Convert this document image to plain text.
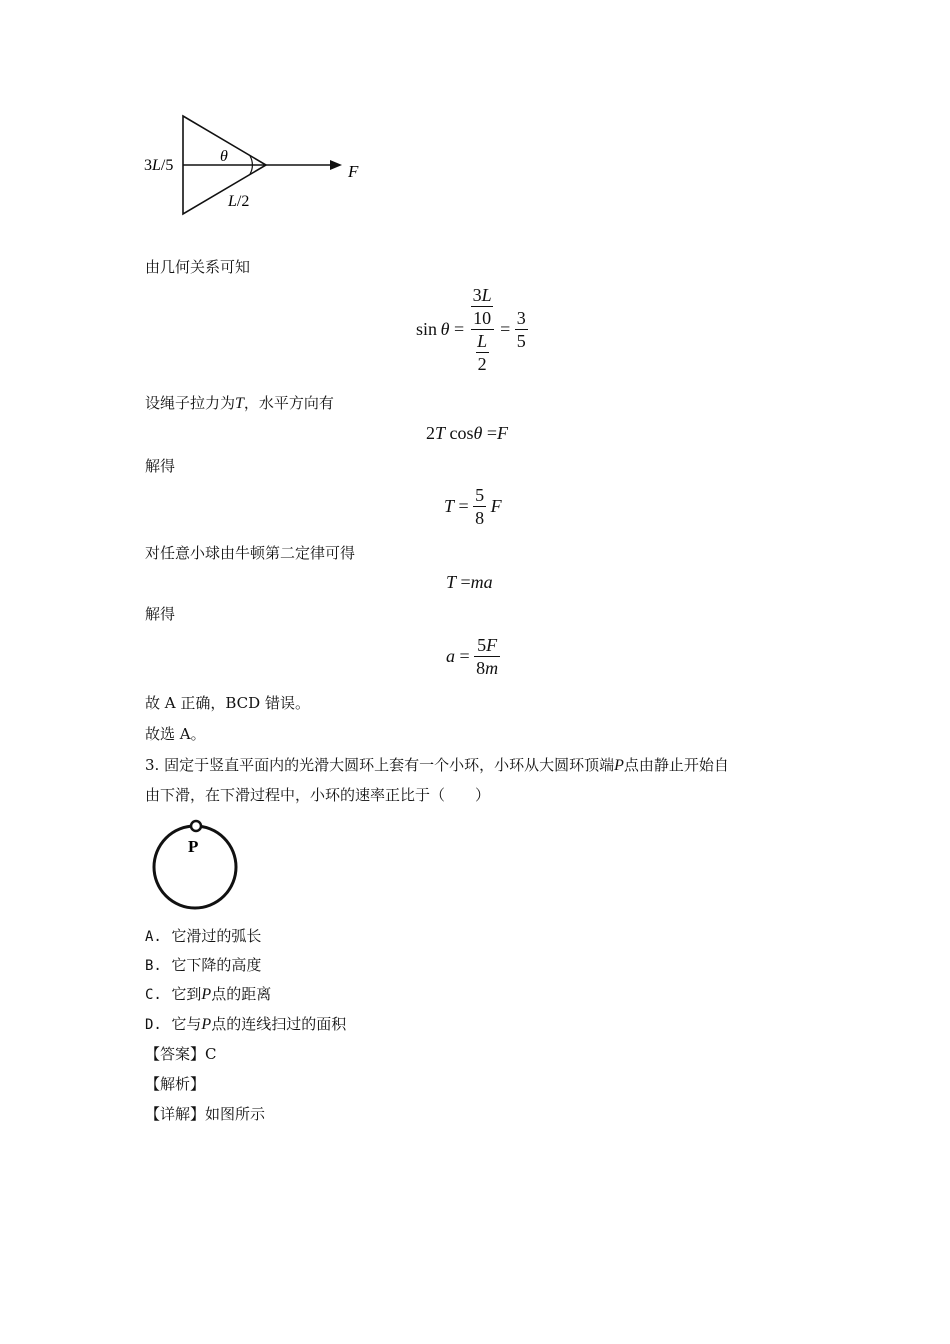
3L/5
θ
L/2
F
由几何关系可知
$\sin \theta = \frac{\frac{3L}{10}}{\frac{L}{2}} = \frac{3}{5}$
设绳子拉力为T，水平方向有
2T cosθ =F
解得
$T = \frac{5}{8}$ F
对任意小球由牛顿第二定律可得
T =ma
解得
$a = \frac{5F}{8m}$
故 A 正确，BCD 错误。
故选 A。
3. 固定于竖直平面内的光滑大圆环上套有一个小环，小环从大圆环顶端P点由静止开始自
由下滑，在下滑过程中，小环的速率正比于（　　）
P
A. 它滑过的弧长
B. 它下降的高度
C. 它到P点的距离
D. 它与P点的连线扫过的面积
【答案】C
【解析】
【详解】如图所示
